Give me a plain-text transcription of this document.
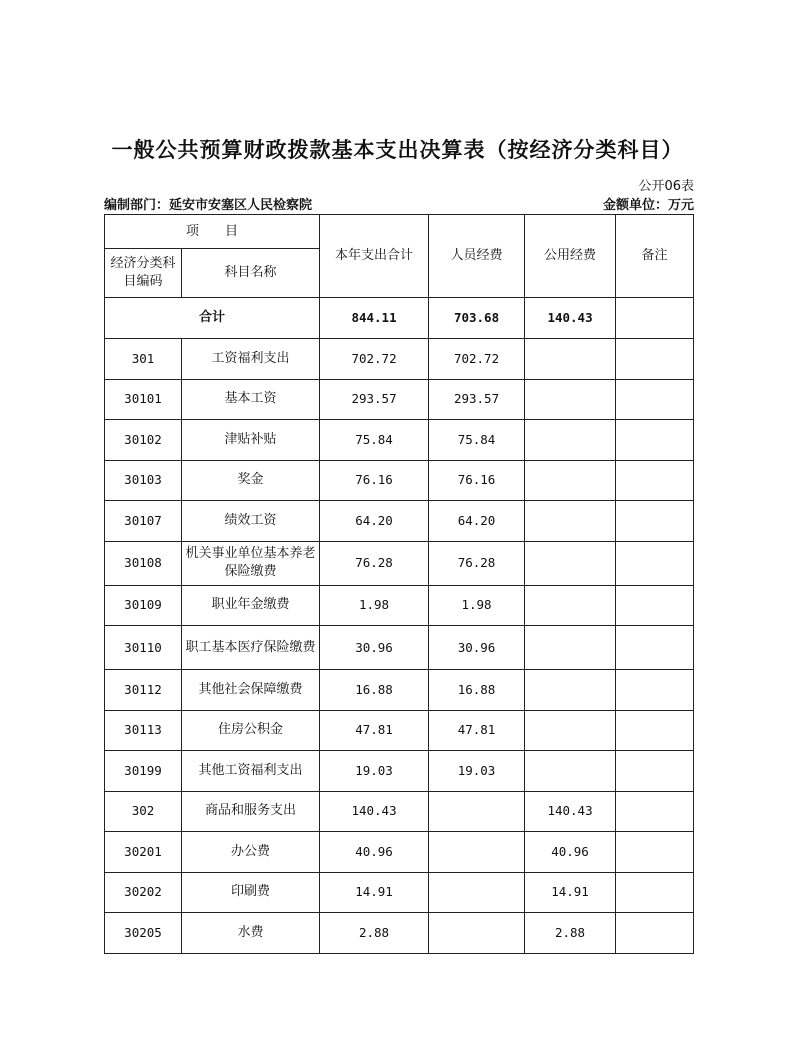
一般公共预算财政拨款基本支出决算表（按经济分类科目）
公开06表
编制部门：延安市安塞区人民检察院	金额单位：万元
项　　目		本年支出合计	人员经费	公用经费	备注
经济分类科目编码	科目名称				
合计		844.11	703.68	140.43	
301	工资福利支出	702.72	702.72		
30101	基本工资	293.57	293.57		
30102	津贴补贴	75.84	75.84		
30103	奖金	76.16	76.16		
30107	绩效工资	64.20	64.20		
30108	机关事业单位基本养老保险缴费	76.28	76.28		
30109	职业年金缴费	1.98	1.98		
30110	职工基本医疗保险缴费	30.96	30.96		
30112	其他社会保障缴费	16.88	16.88		
30113	住房公积金	47.81	47.81		
30199	其他工资福利支出	19.03	19.03		
302	商品和服务支出	140.43		140.43	
30201	办公费	40.96		40.96	
30202	印刷费	14.91		14.91	
30205	水费	2.88		2.88	
